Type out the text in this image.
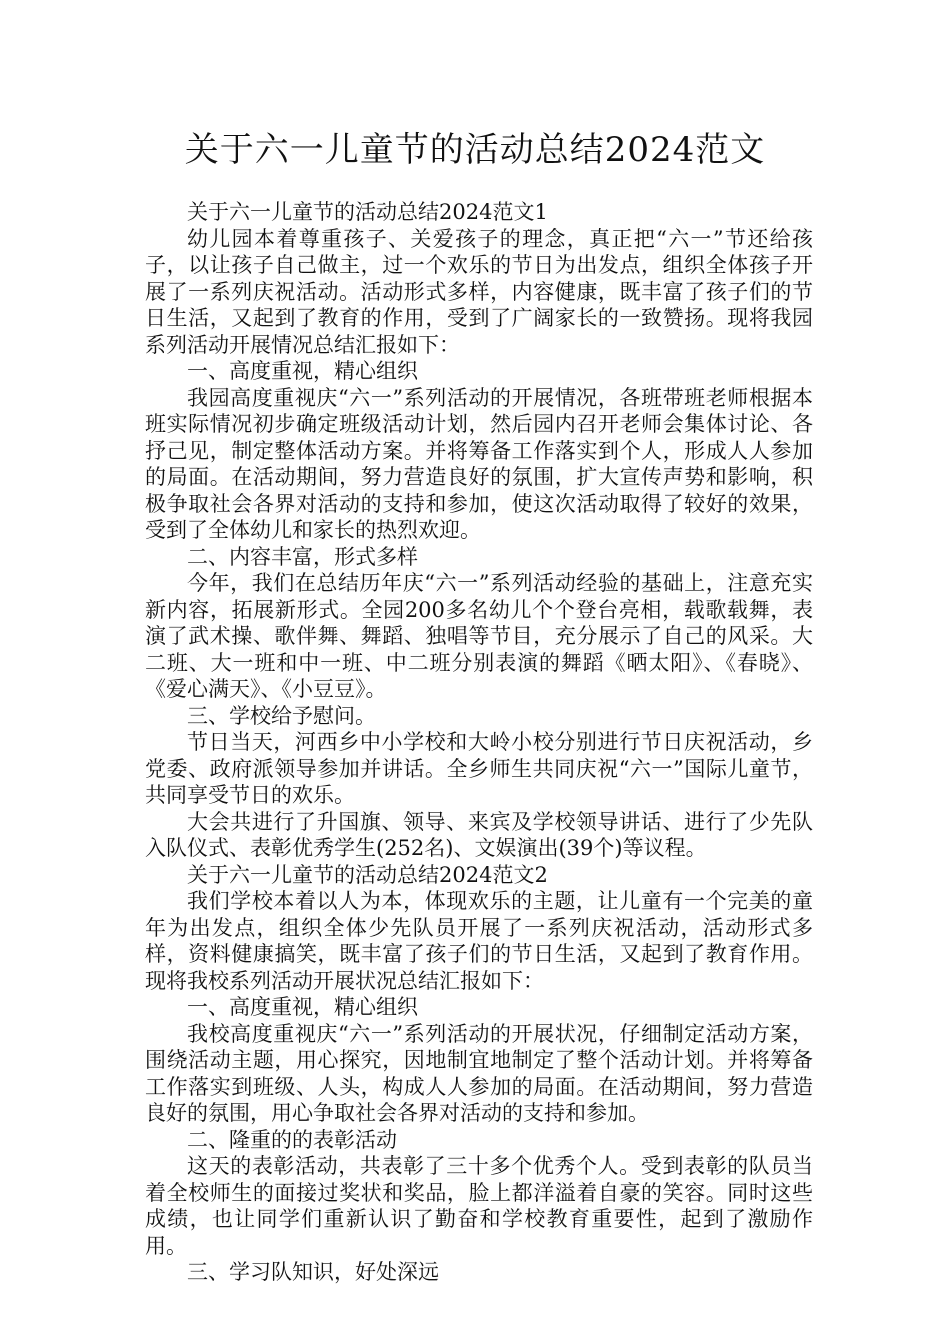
关于六一儿童节的活动总结2024范文

关于六一儿童节的活动总结2024范文1

幼儿园本着尊重孩子、关爱孩子的理念，真正把“六一”节还给孩子，以让孩子自己做主，过一个欢乐的节日为出发点，组织全体孩子开展了一系列庆祝活动。活动形式多样，内容健康，既丰富了孩子们的节日生活，又起到了教育的作用，受到了广阔家长的一致赞扬。现将我园系列活动开展情况总结汇报如下：

一、高度重视，精心组织

我园高度重视庆“六一”系列活动的开展情况，各班带班老师根据本班实际情况初步确定班级活动计划，然后园内召开老师会集体讨论、各抒己见，制定整体活动方案。并将筹备工作落实到个人，形成人人参加的局面。在活动期间，努力营造良好的氛围，扩大宣传声势和影响，积极争取社会各界对活动的支持和参加，使这次活动取得了较好的效果，受到了全体幼儿和家长的热烈欢迎。

二、内容丰富，形式多样

今年，我们在总结历年庆“六一”系列活动经验的基础上，注意充实新内容，拓展新形式。全园200多名幼儿个个登台亮相，载歌载舞，表演了武术操、歌伴舞、舞蹈、独唱等节目，充分展示了自己的风采。大二班、大一班和中一班、中二班分别表演的舞蹈《晒太阳》、《春晓》、《爱心满天》、《小豆豆》。

三、学校给予慰问。

节日当天，河西乡中小学校和大岭小校分别进行节日庆祝活动，乡党委、政府派领导参加并讲话。全乡师生共同庆祝“六一”国际儿童节，共同享受节日的欢乐。

大会共进行了升国旗、领导、来宾及学校领导讲话、进行了少先队入队仪式、表彰优秀学生(252名)、文娱演出(39个)等议程。

关于六一儿童节的活动总结2024范文2

我们学校本着以人为本，体现欢乐的主题，让儿童有一个完美的童年为出发点，组织全体少先队员开展了一系列庆祝活动，活动形式多样，资料健康搞笑，既丰富了孩子们的节日生活，又起到了教育作用。现将我校系列活动开展状况总结汇报如下：

一、高度重视，精心组织

我校高度重视庆“六一”系列活动的开展状况，仔细制定活动方案，围绕活动主题，用心探究，因地制宜地制定了整个活动计划。并将筹备工作落实到班级、人头，构成人人参加的局面。在活动期间，努力营造良好的氛围，用心争取社会各界对活动的支持和参加。

二、隆重的的表彰活动

这天的表彰活动，共表彰了三十多个优秀个人。受到表彰的队员当着全校师生的面接过奖状和奖品，脸上都洋溢着自豪的笑容。同时这些成绩，也让同学们重新认识了勤奋和学校教育重要性，起到了激励作用。

三、学习队知识，好处深远
